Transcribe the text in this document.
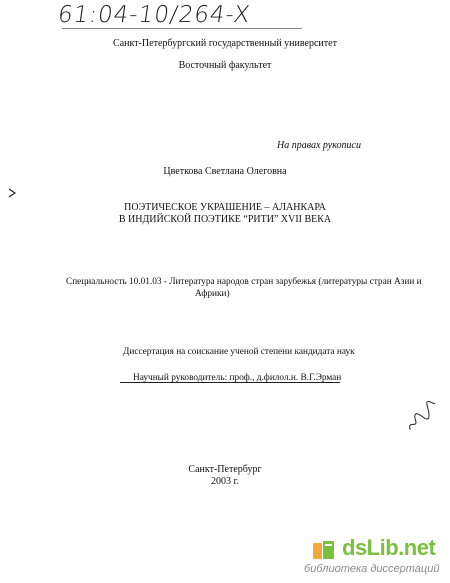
61:04-10/264-X
Санкт-Петербургский государственный университет
Восточный факультет
На правах рукописи
Цветкова Светлана Олеговна
ПОЭТИЧЕСКОЕ УКРАШЕНИЕ – АЛАНКАРА
В ИНДИЙСКОЙ ПОЭТИКЕ “РИТИ” XVII ВЕКА
Специальность 10.01.03 - Литература народов стран зарубежья (литературы стран Азии и
Африки)
Диссертация на соискание ученой степени кандидата наук
Научный руководитель: проф., д.филол.н. В.Г.Эрман
Санкт-Петербург
2003 г.
dsLib.net
библиотека диссертаций
